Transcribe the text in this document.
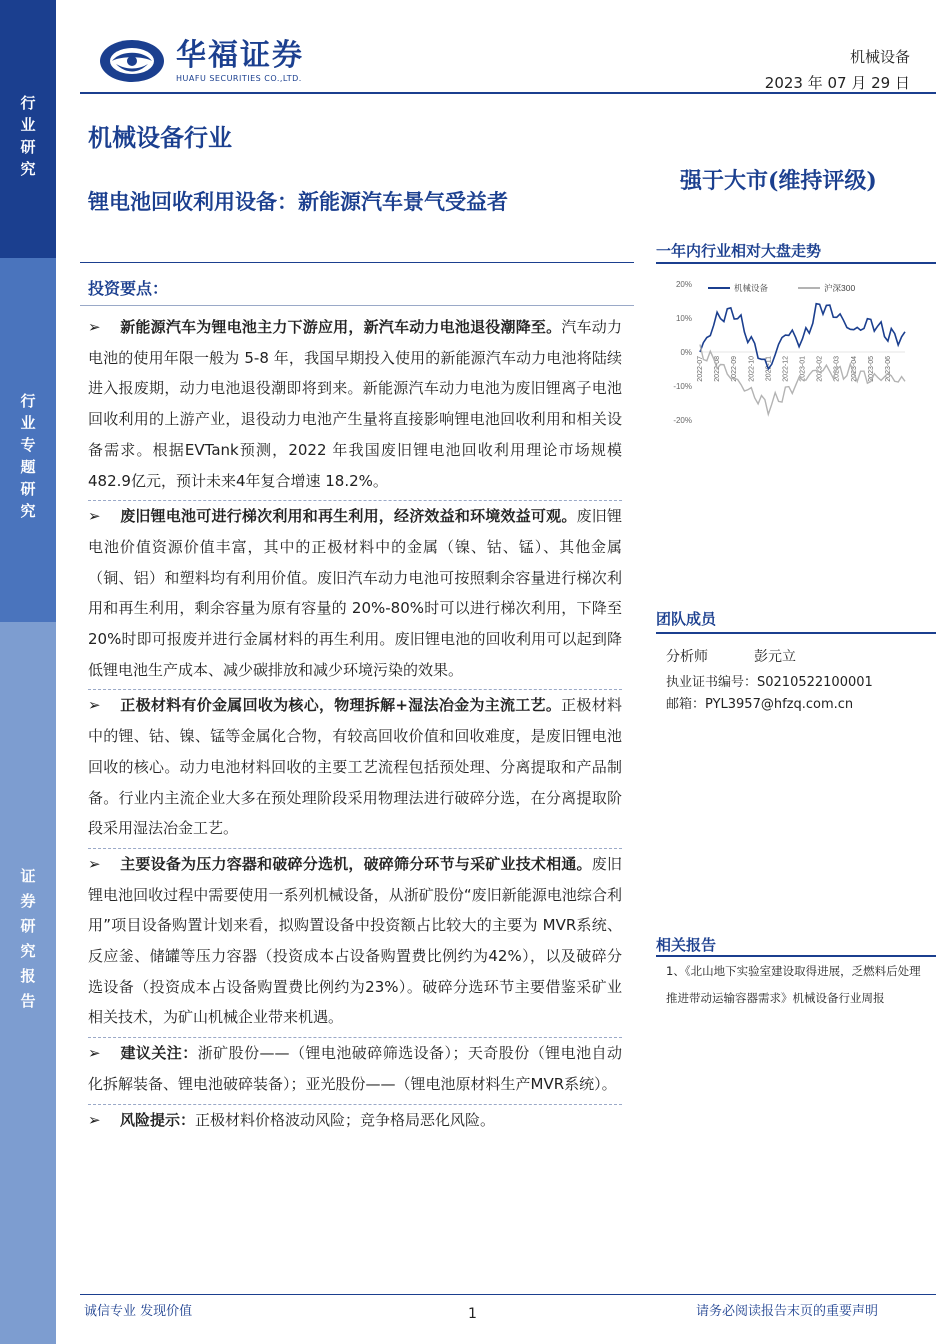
行业研究
行业专题研究
证券研究报告
华福证券
HUAFU SECURITIES CO.,LTD.
机械设备
2023 年 07 月 29 日
机械设备行业
锂电池回收利用设备：新能源汽车景气受益者
强于大市(维持评级)
投资要点：

➢ 新能源汽车为锂电池主力下游应用，新汽车动力电池退役潮降至。汽车动力电池的使用年限一般为 5-8 年，我国早期投入使用的新能源汽车动力电池将陆续进入报废期，动力电池退役潮即将到来。新能源汽车动力电池为废旧锂离子电池回收利用的上游产业，退役动力电池产生量将直接影响锂电池回收利用和相关设备需求。根据EVTank预测，2022 年我国废旧锂电池回收利用理论市场规模 482.9亿元，预计未来4年复合增速 18.2%。

➢ 废旧锂电池可进行梯次利用和再生利用，经济效益和环境效益可观。废旧锂电池价值资源价值丰富，其中的正极材料中的金属（镍、钴、锰）、其他金属（铜、铝）和塑料均有利用价值。废旧汽车动力电池可按照剩余容量进行梯次利用和再生利用，剩余容量为原有容量的 20%-80%时可以进行梯次利用，下降至20%时即可报废并进行金属材料的再生利用。废旧锂电池的回收利用可以起到降低锂电池生产成本、减少碳排放和减少环境污染的效果。

➢ 正极材料有价金属回收为核心，物理拆解+湿法冶金为主流工艺。正极材料中的锂、钴、镍、锰等金属化合物，有较高回收价值和回收难度，是废旧锂电池回收的核心。动力电池材料回收的主要工艺流程包括预处理、分离提取和产品制备。行业内主流企业大多在预处理阶段采用物理法进行破碎分选，在分离提取阶段采用湿法冶金工艺。

➢ 主要设备为压力容器和破碎分选机，破碎筛分环节与采矿业技术相通。废旧锂电池回收过程中需要使用一系列机械设备，从浙矿股份“废旧新能源电池综合利用”项目设备购置计划来看，拟购置设备中投资额占比较大的主要为 MVR系统、反应釜、储罐等压力容器（投资成本占设备购置费比例约为42%），以及破碎分选设备（投资成本占设备购置费比例约为23%）。破碎分选环节主要借鉴采矿业相关技术，为矿山机械企业带来机遇。

➢ 建议关注：浙矿股份——（锂电池破碎筛选设备）；天奇股份（锂电池自动化拆解装备、锂电池破碎装备）；亚光股份——（锂电池原材料生产MVR系统）。

➢ 风险提示：正极材料价格波动风险；竞争格局恶化风险。

一年内行业相对大盘走势
20%
10%
0%
-10%
-20%
2022-07 2022-08 2022-09 2022-10 2022-11 2022-12 2023-01 2023-02 2023-03 2023-04 2023-05 2023-06
机械设备	沪深300
团队成员
分析师	彭元立
执业证书编号：S0210522100001
邮箱：PYL3957@hfzq.com.cn
相关报告
1、《北山地下实验室建设取得进展，乏燃料后处理推进带动运输容器需求》机械设备行业周报
诚信专业 发现价值	1	请务必阅读报告末页的重要声明
